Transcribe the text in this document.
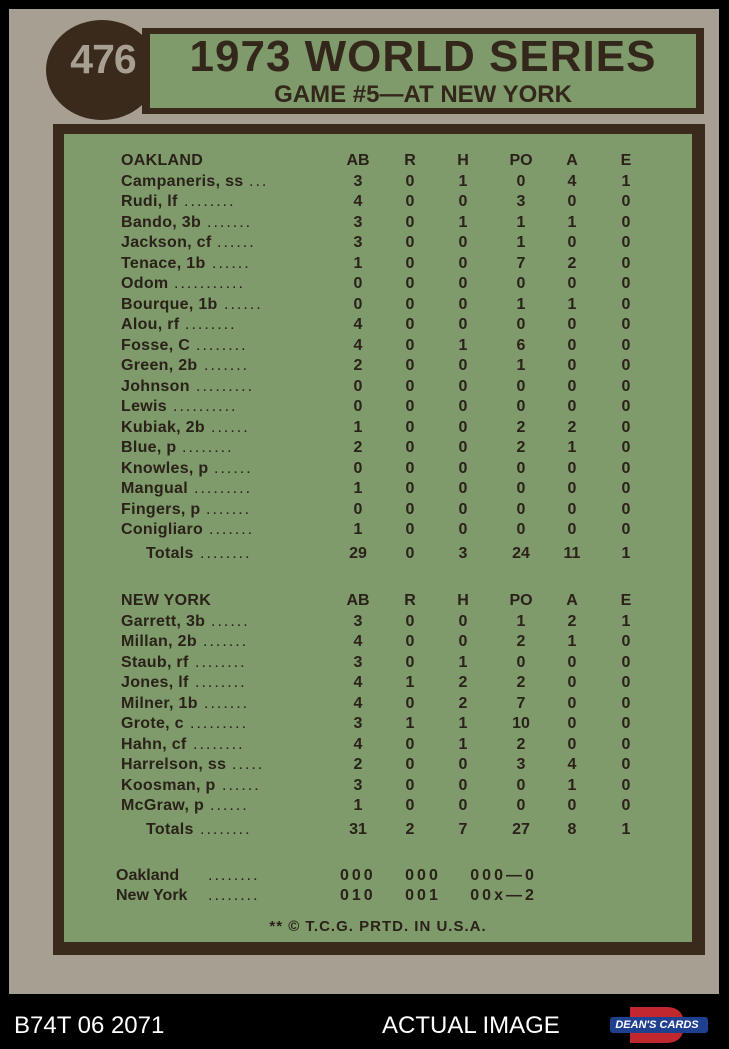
476	1973 WORLD SERIES
GAME #5—AT NEW YORK
OAKLAND	AB	R	H	PO	A	E
Campaneris, ss ...	3	0	1	0	4	1
Rudi, lf ........	4	0	0	3	0	0
Bando, 3b .......	3	0	1	1	1	0
Jackson, cf ......	3	0	0	1	0	0
Tenace, 1b ......	1	0	0	7	2	0
Odom ...........	0	0	0	0	0	0
Bourque, 1b ......	0	0	0	1	1	0
Alou, rf ........	4	0	0	0	0	0
Fosse, C ........	4	0	1	6	0	0
Green, 2b .......	2	0	0	1	0	0
Johnson .........	0	0	0	0	0	0
Lewis ..........	0	0	0	0	0	0
Kubiak, 2b ......	1	0	0	2	2	0
Blue, p ........	2	0	0	2	1	0
Knowles, p ......	0	0	0	0	0	0
Mangual .........	1	0	0	0	0	0
Fingers, p .......	0	0	0	0	0	0
Conigliaro .......	1	0	0	0	0	0
Totals ........	29	0	3	24	11	1
NEW YORK	AB	R	H	PO	A	E
Garrett, 3b ......	3	0	0	1	2	1
Millan, 2b .......	4	0	0	2	1	0
Staub, rf ........	3	0	1	0	0	0
Jones, lf ........	4	1	2	2	0	0
Milner, 1b .......	4	0	2	7	0	0
Grote, c .........	3	1	1	10	0	0
Hahn, cf ........	4	0	1	2	0	0
Harrelson, ss .....	2	0	0	3	4	0
Koosman, p ......	3	0	0	0	1	0
McGraw, p ......	1	0	0	0	0	0
Totals ........	31	2	7	27	8	1
Oakland ........	000 000 000—0
New York ........	010 001 00x—2
** © T.C.G. PRTD. IN U.S.A.
B74T 06 2071	ACTUAL IMAGE	DEAN'S CARDS
